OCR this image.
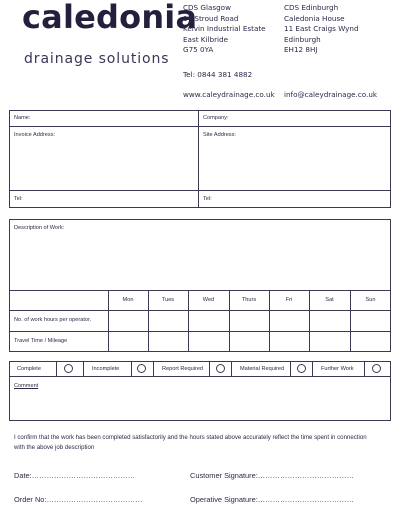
caledonia
drainage solutions
CDS Glasgow
14 Stroud Road
Kelvin Industrial Estate
East Kilbride
G75 0YA
CDS Edinburgh
Caledonia House
11 East Craigs Wynd
Edinburgh
EH12 8HJ
Tel: 0844 381 4882
www.caleydrainage.co.uk info@caleydrainage.co.uk
Name:	Company:
Invoice Address:	Site Address:
Tel:	Tel:
Description of Work:
Mon	Tues	Wed	Thurs	Fri	Sat	Sun
No. of work hours per operator.
Travel Time / Mileage
Complete	Incomplete	Report Required	Material Required	Further Work
Comment
I confirm that the work has been completed satisfactorily and the hours stated above accurately reflect the time spent in connection with the above job description
Date:……………………………………	Customer Signature:…………………………………
Order No:…………………………………	Operative Signature:…………………………………
